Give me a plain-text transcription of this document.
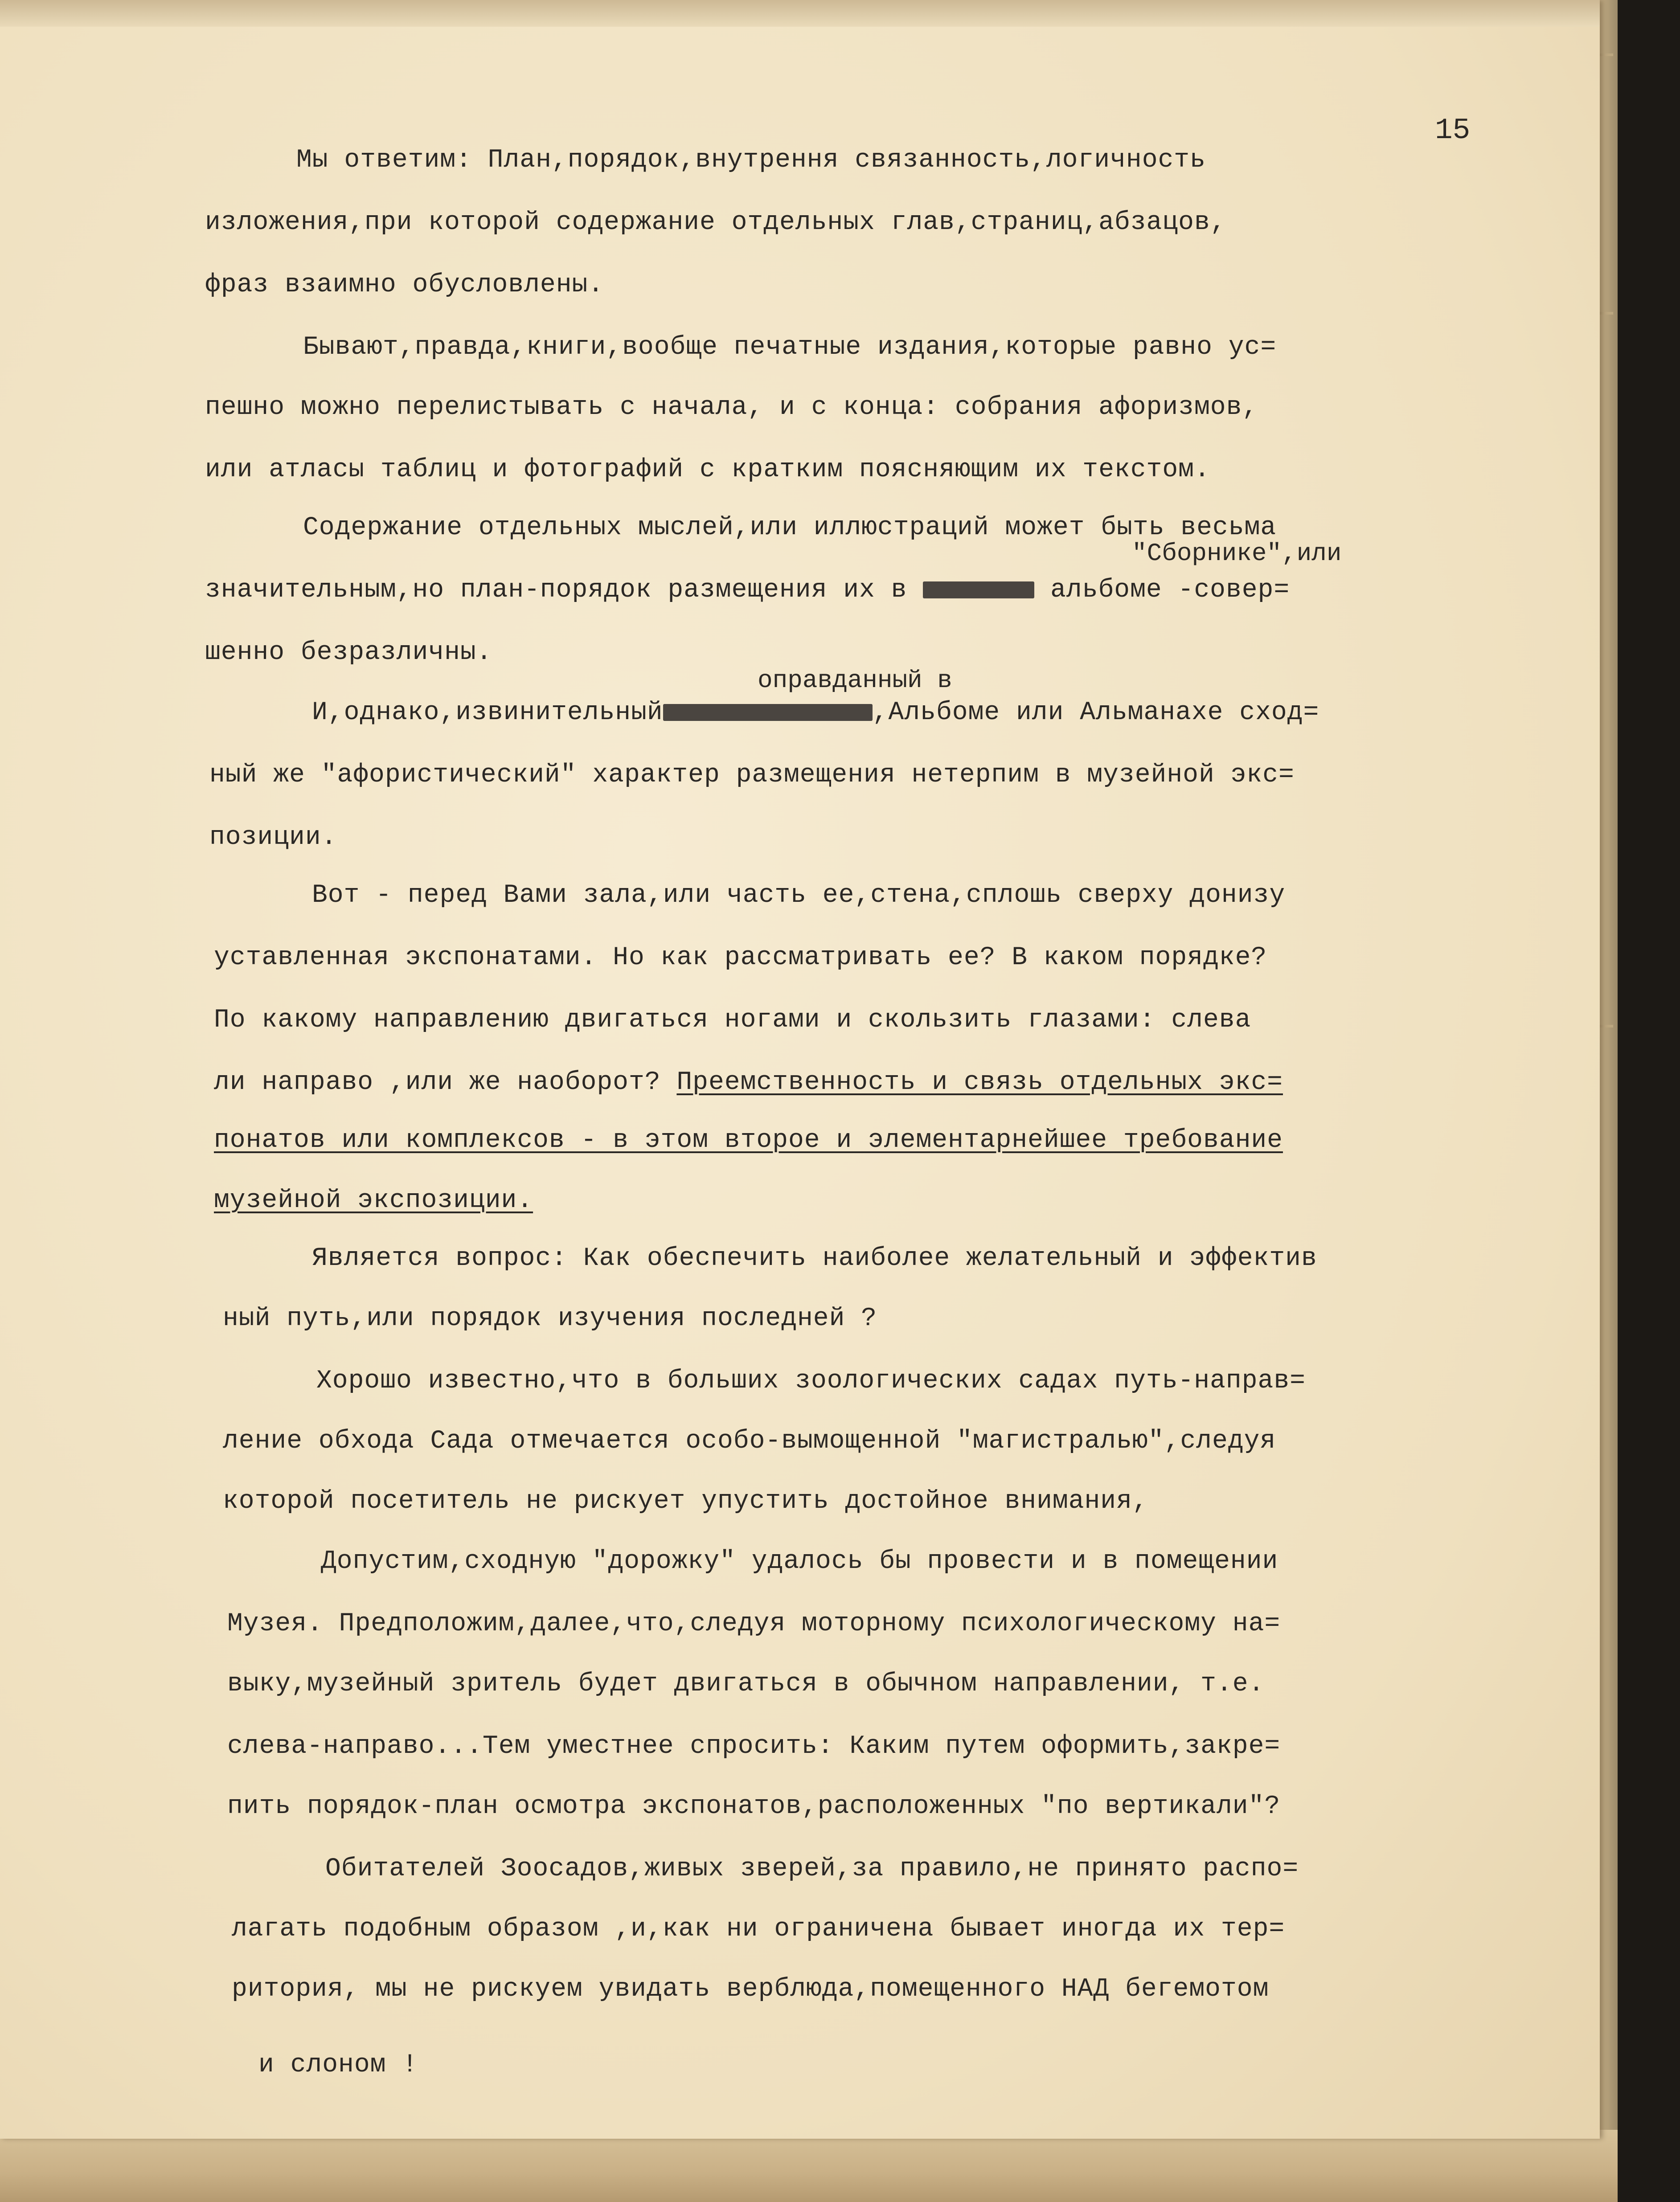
15
Мы ответим: План,порядок,внутрення связанность,логичность
изложения,при которой содержание отдельных глав,страниц,абзацов,
фраз взаимно обусловлены.
Бывают,правда,книги,вообще печатные издания,которые равно ус=
пешно можно перелистывать с начала, и с конца: собрания афоризмов,
или атласы таблиц и фотографий с кратким поясняющим их текстом.
Содержание отдельных мыслей,или иллюстраций может быть весьма
"Сборнике",или
значительным,но план-порядок размещения их в	альбоме -совер=
шенно безразличны.
оправданный в
И,однако,извинительный	,Альбоме или Альманахе сход=
ный же "афористический" характер размещения нетерпим в музейной экс=
позиции.
Вот - перед Вами зала,или часть ее,стена,сплошь сверху донизу
уставленная экспонатами. Но как рассматривать ее? В каком порядке?
По какому направлению двигаться ногами и скользить глазами: слева
ли направо ,или же наоборот? Преемственность и связь отдельных экс=
понатов или комплексов - в этом второе и элементарнейшее требование
музейной экспозиции.
Является вопрос: Как обеспечить наиболее желательный и эффектив
ный путь,или порядок изучения последней ?
Хорошо известно,что в больших зоологических садах путь-направ=
ление обхода Сада отмечается особо-вымощенной "магистралью",следуя
которой посетитель не рискует упустить достойное внимания,
Допустим,сходную "дорожку" удалось бы провести и в помещении
Музея. Предположим,далее,что,следуя моторному психологическому на=
выку,музейный зритель будет двигаться в обычном направлении, т.е.
слева-направо...Тем уместнее спросить: Каким путем оформить,закре=
пить порядок-план осмотра экспонатов,расположенных "по вертикали"?
Обитателей Зоосадов,живых зверей,за правило,не принято распо=
лагать подобным образом ,и,как ни ограничена бывает иногда их тер=
ритория, мы не рискуем увидать верблюда,помещенного НАД бегемотом
и слоном !
